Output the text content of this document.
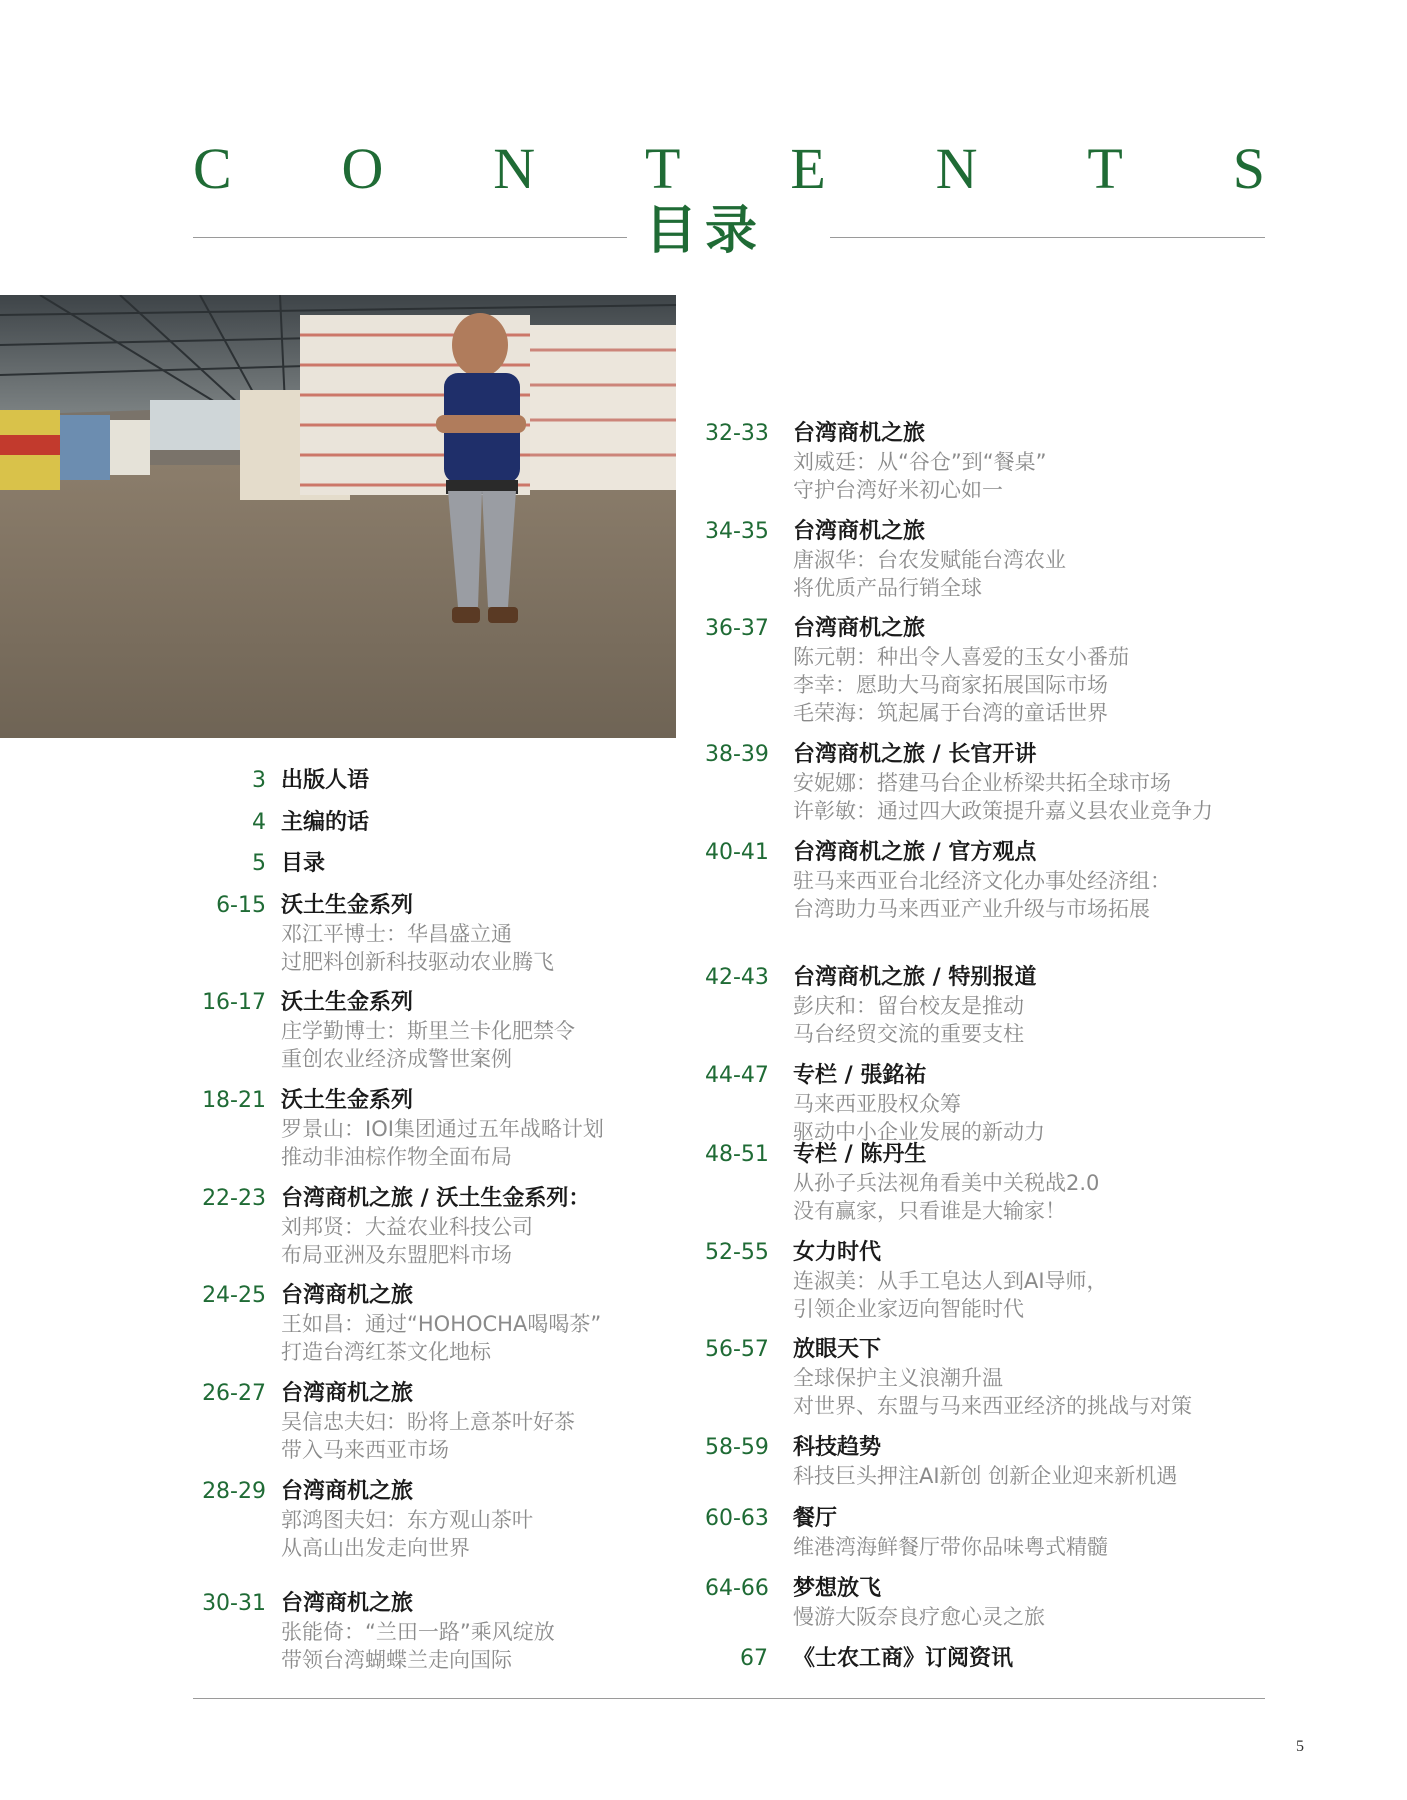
C O N T E N T S
目录
3 出版人语
4 主编的话
5 目录
6-15 沃土生金系列
邓江平博士：华昌盛立通
过肥料创新科技驱动农业腾飞
16-17 沃土生金系列
庄学勤博士：斯里兰卡化肥禁令
重创农业经济成警世案例
18-21 沃土生金系列
罗景山：IOI集团通过五年战略计划
推动非油棕作物全面布局
22-23 台湾商机之旅 / 沃土生金系列：
刘邦贤：大益农业科技公司
布局亚洲及东盟肥料市场
24-25 台湾商机之旅
王如昌：通过“HOHOCHA喝喝茶”
打造台湾红茶文化地标
26-27 台湾商机之旅
吴信忠夫妇：盼将上意茶叶好茶
带入马来西亚市场
28-29 台湾商机之旅
郭鸿图夫妇：东方观山茶叶
从高山出发走向世界
30-31 台湾商机之旅
张能倚：“兰田一路”乘风绽放
带领台湾蝴蝶兰走向国际
32-33 台湾商机之旅
刘威廷：从“谷仓”到“餐桌”
守护台湾好米初心如一
34-35 台湾商机之旅
唐淑华：台农发赋能台湾农业
将优质产品行销全球
36-37 台湾商机之旅
陈元朝：种出令人喜爱的玉女小番茄
李幸：愿助大马商家拓展国际市场
毛荣海：筑起属于台湾的童话世界
38-39 台湾商机之旅 / 长官开讲
安妮娜：搭建马台企业桥梁共拓全球市场
许彰敏：通过四大政策提升嘉义县农业竞争力
40-41 台湾商机之旅 / 官方观点
驻马来西亚台北经济文化办事处经济组：
台湾助力马来西亚产业升级与市场拓展
42-43 台湾商机之旅 / 特别报道
彭庆和：留台校友是推动
马台经贸交流的重要支柱
44-47 专栏 / 張銘祐
马来西亚股权众筹
驱动中小企业发展的新动力
48-51 专栏 / 陈丹生
从孙子兵法视角看美中关税战2.0
没有赢家，只看谁是大输家！
52-55 女力时代
连淑美：从手工皂达人到AI导师，
引领企业家迈向智能时代
56-57 放眼天下
全球保护主义浪潮升温
对世界、东盟与马来西亚经济的挑战与对策
58-59 科技趋势
科技巨头押注AI新创 创新企业迎来新机遇
60-63 餐厅
维港湾海鲜餐厅带你品味粤式精髓
64-66 梦想放飞
慢游大阪奈良疗愈心灵之旅
67 《士农工商》订阅资讯
5
